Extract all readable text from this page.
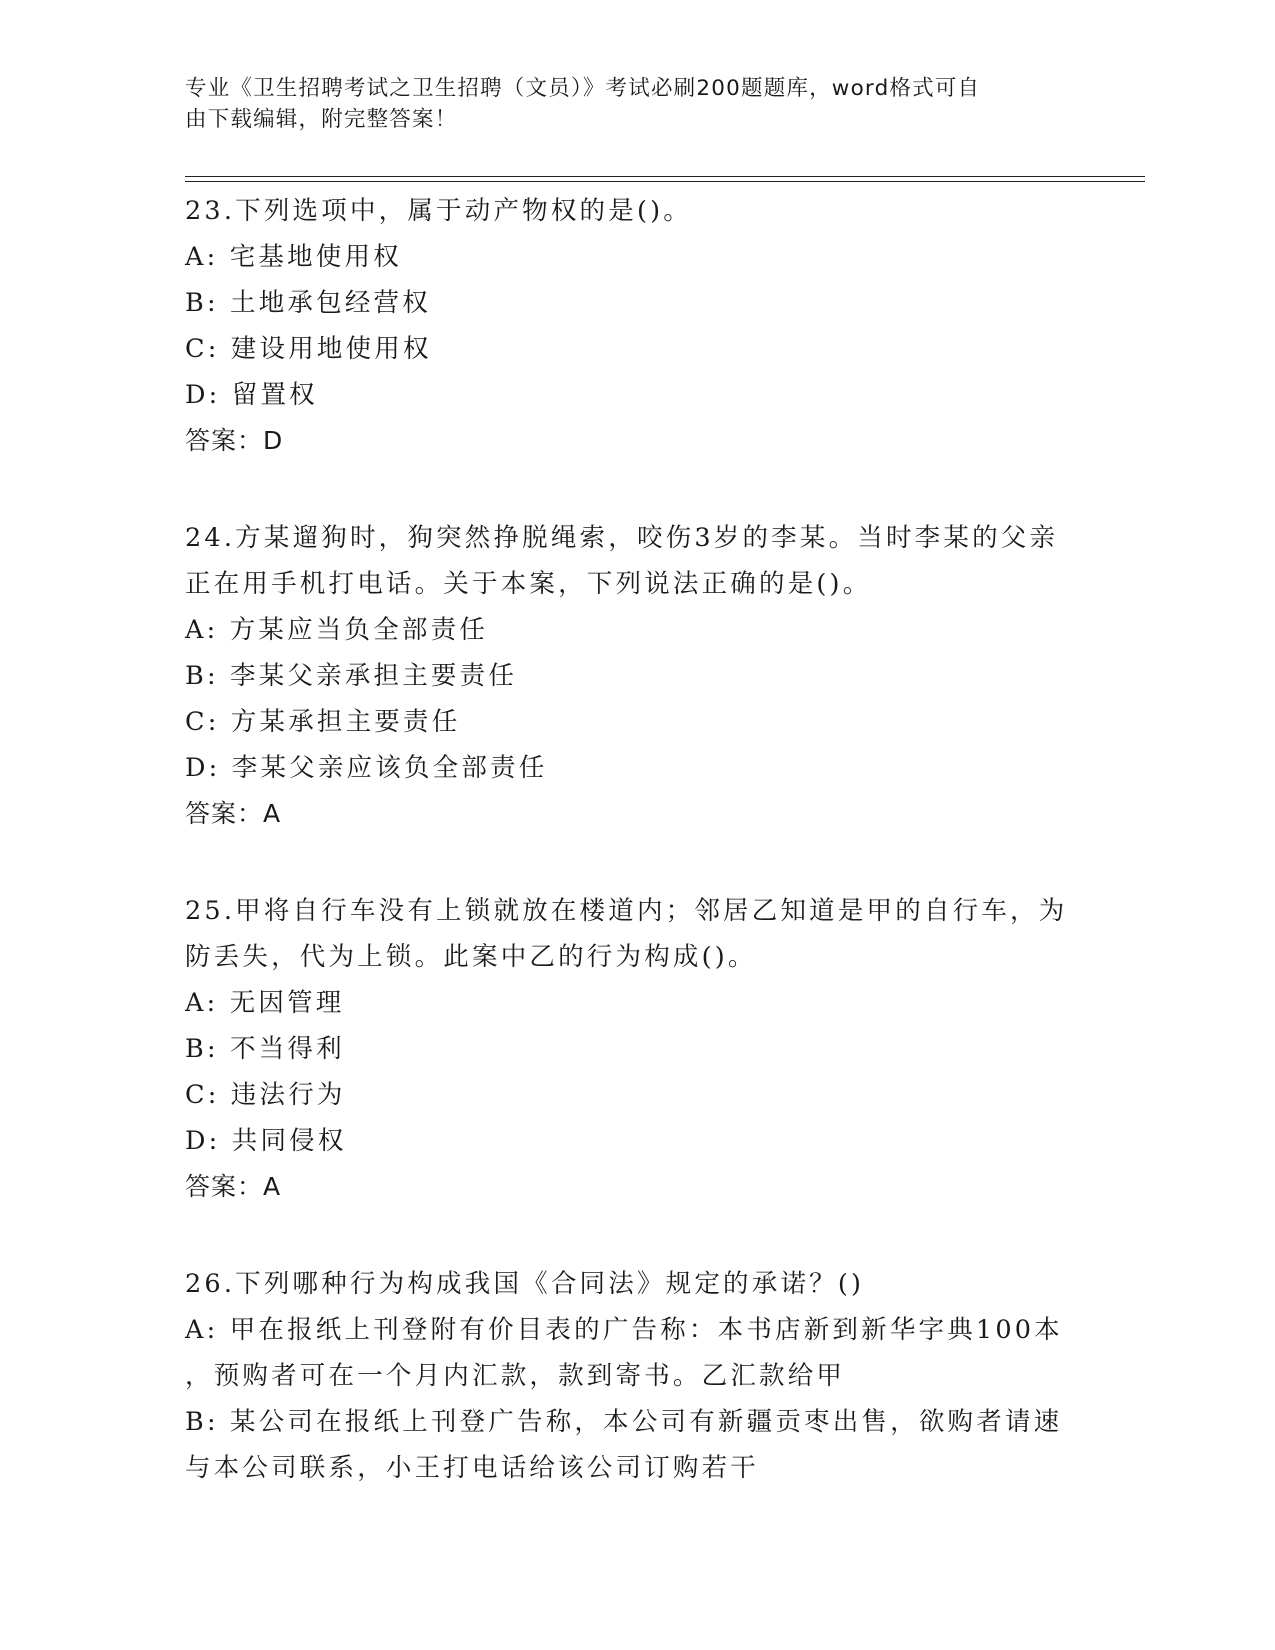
专业《卫生招聘考试之卫生招聘（文员）》考试必刷200题题库，word格式可自
由下载编辑，附完整答案！
23.下列选项中，属于动产物权的是()。
A: 宅基地使用权
B: 土地承包经营权
C: 建设用地使用权
D: 留置权
答案：D
24.方某遛狗时，狗突然挣脱绳索，咬伤3岁的李某。当时李某的父亲
正在用手机打电话。关于本案，下列说法正确的是()。
A: 方某应当负全部责任
B: 李某父亲承担主要责任
C: 方某承担主要责任
D: 李某父亲应该负全部责任
答案：A
25.甲将自行车没有上锁就放在楼道内；邻居乙知道是甲的自行车，为
防丢失，代为上锁。此案中乙的行为构成()。
A: 无因管理
B: 不当得利
C: 违法行为
D: 共同侵权
答案：A
26.下列哪种行为构成我国《合同法》规定的承诺？()
A: 甲在报纸上刊登附有价目表的广告称：本书店新到新华字典100本
，预购者可在一个月内汇款，款到寄书。乙汇款给甲
B: 某公司在报纸上刊登广告称，本公司有新疆贡枣出售，欲购者请速
与本公司联系，小王打电话给该公司订购若干
